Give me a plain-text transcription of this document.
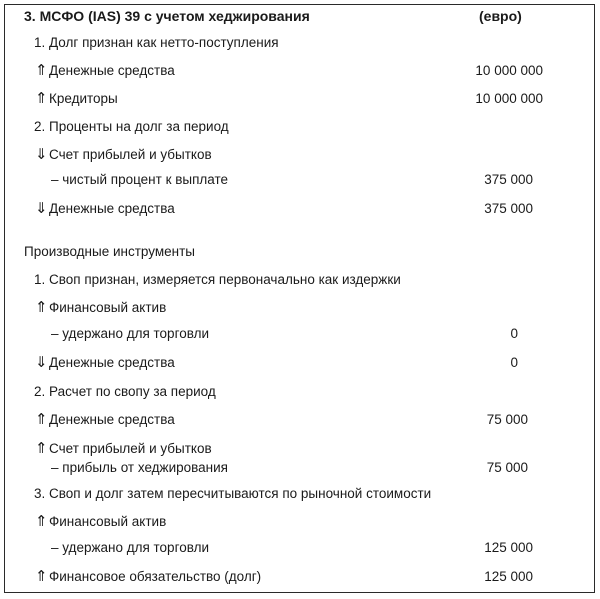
3. МСФО (IAS) 39 с учетом хеджирования	(евро)
1. Долг признан как нетто-поступления
⇑Денежные средства	10 000 000
⇑Кредиторы	10 000 000
2. Проценты на долг за период
⇓Счет прибылей и убытков
– чистый процент к выплате	375 000
⇓Денежные средства	375 000
Производные инструменты
1. Своп признан, измеряется первоначально как издержки
⇑Финансовый актив
– удержано для торговли	0
⇓Денежные средства	0
2. Расчет по свопу за период
⇑Денежные средства	75 000
⇑Счет прибылей и убытков
– прибыль от хеджирования	75 000
3. Своп и долг затем пересчитываются по рыночной стоимости
⇑Финансовый актив
– удержано для торговли	125 000
⇑Финансовое обязательство (долг)	125 000
